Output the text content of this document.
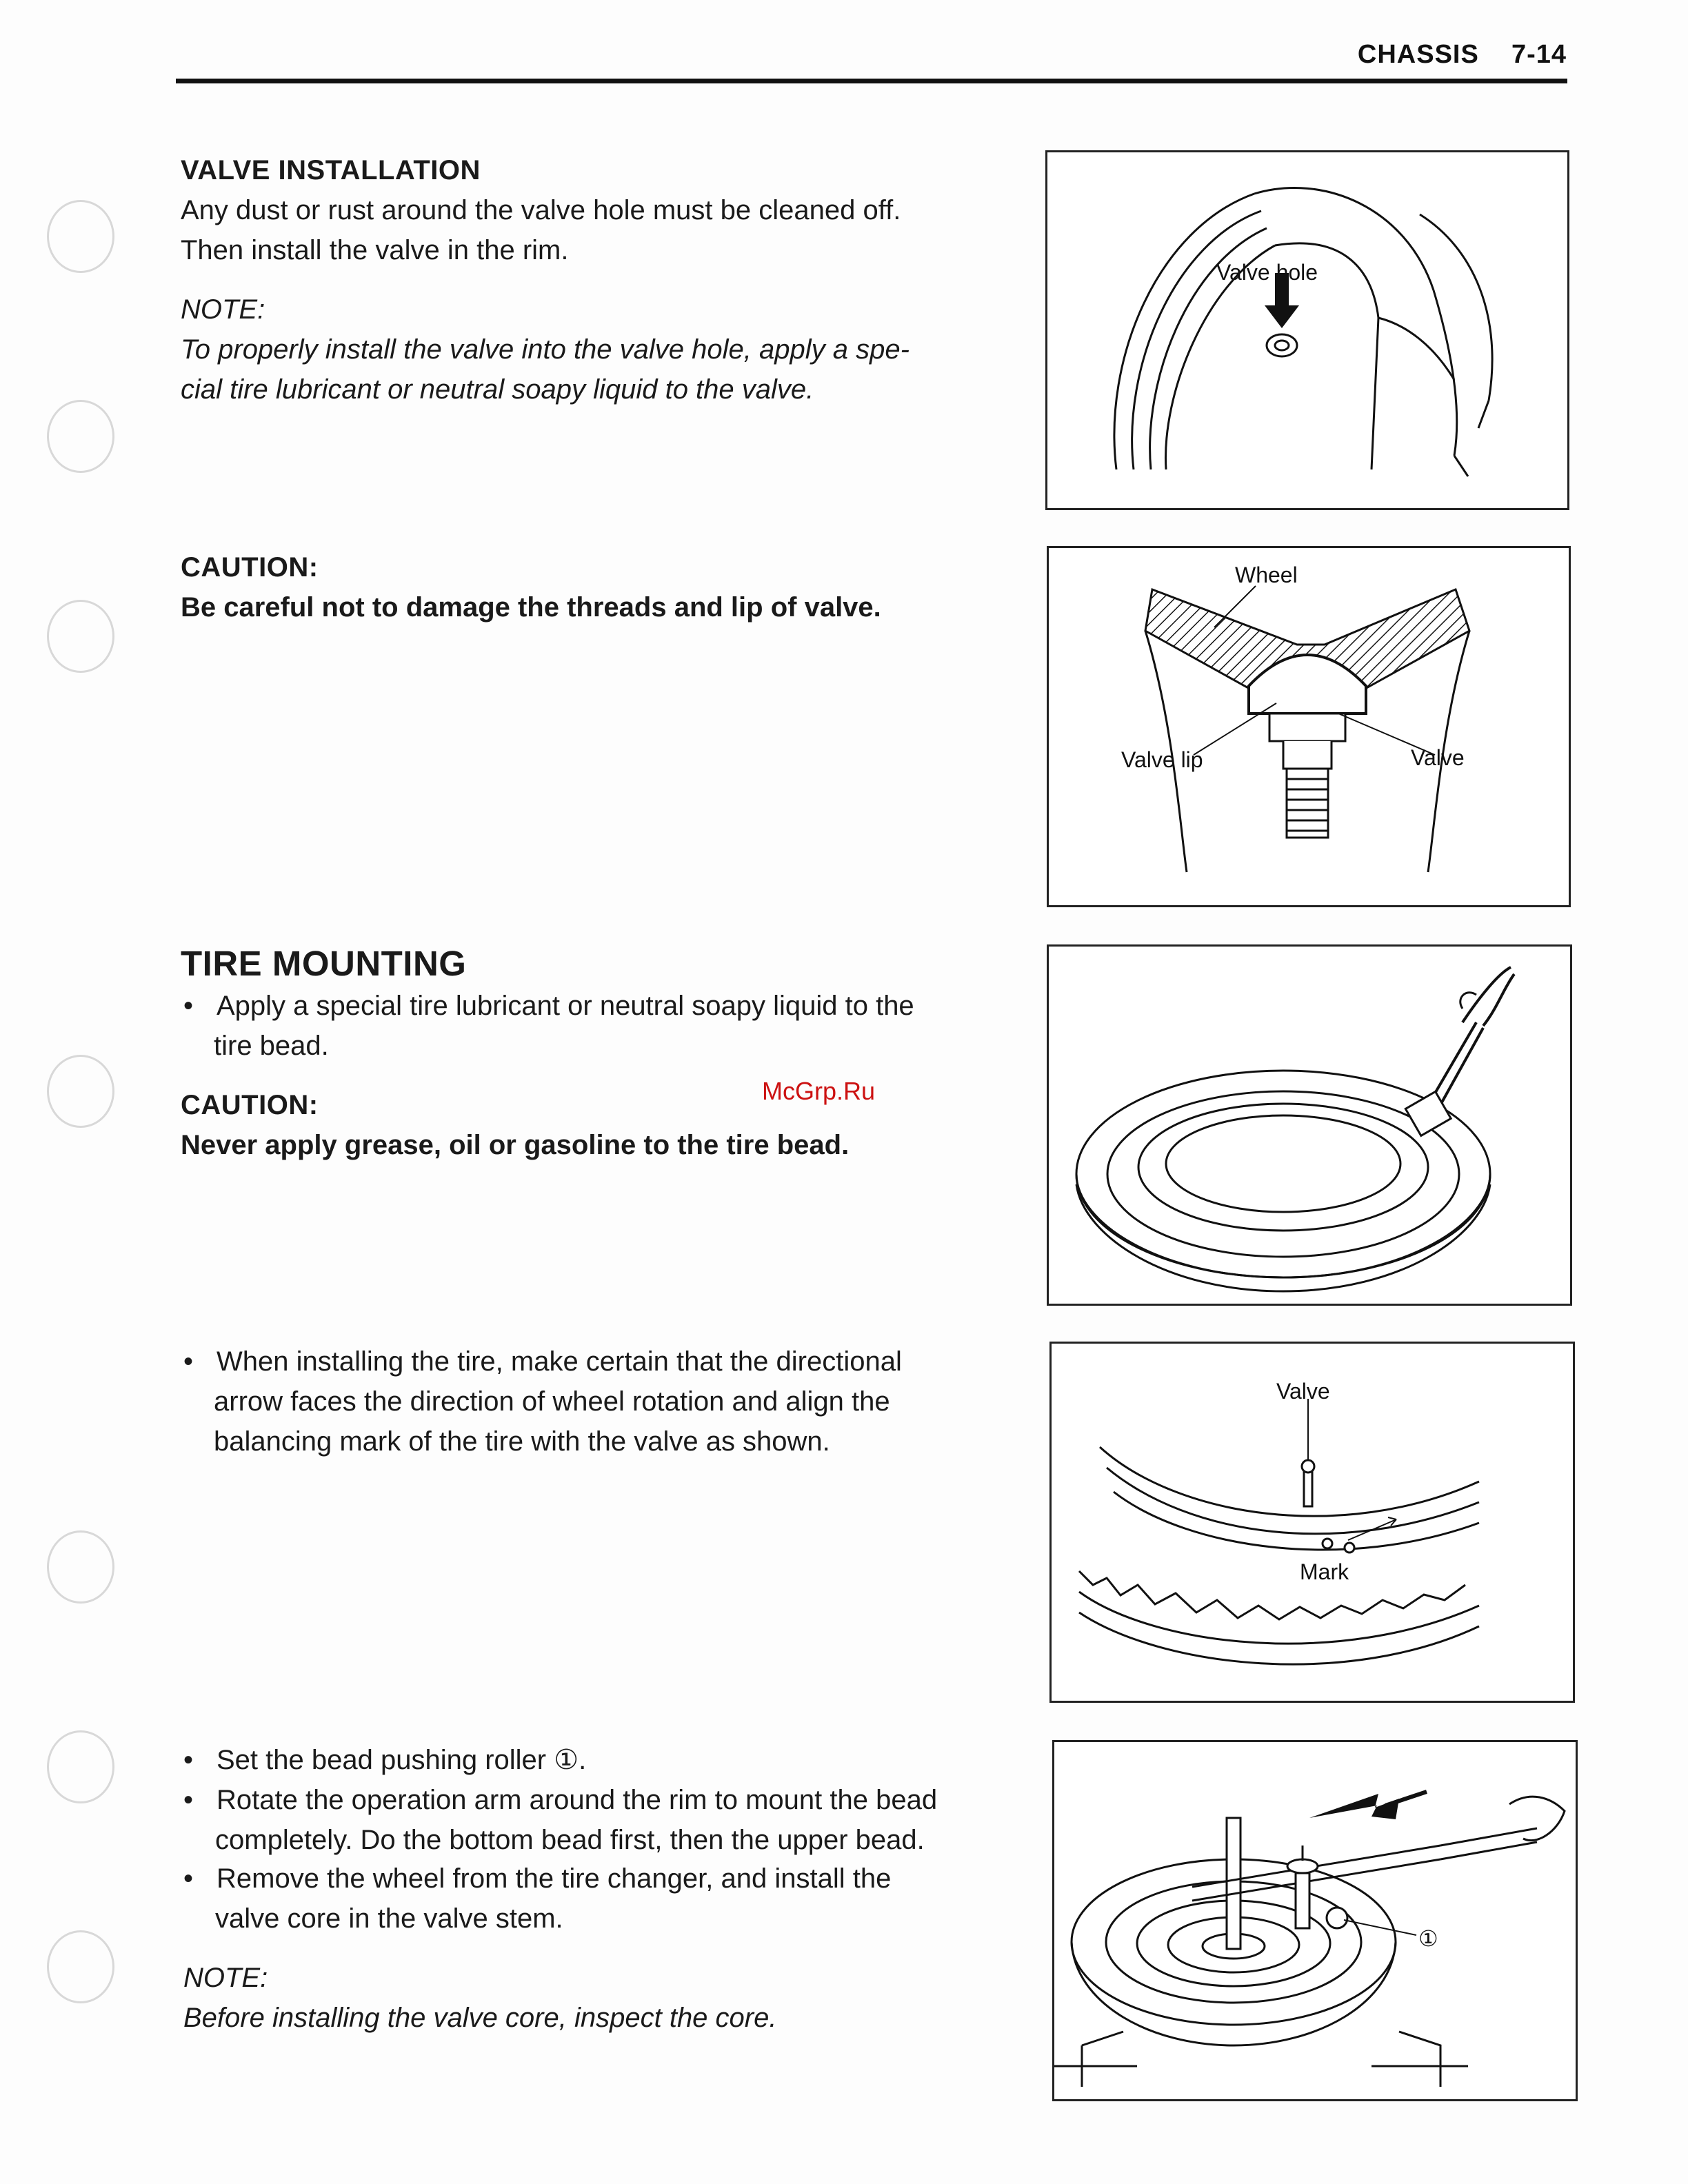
CHASSIS 7-14
VALVE INSTALLATION
Any dust or rust around the valve hole must be cleaned off.
Then install the valve in the rim.
NOTE:
To properly install the valve into the valve hole, apply a spe-
cial tire lubricant or neutral soapy liquid to the valve.
CAUTION:
Be careful not to damage the threads and lip of valve.
TIRE MOUNTING
• Apply a special tire lubricant or neutral soapy liquid to the
tire bead.
CAUTION:
Never apply grease, oil or gasoline to the tire bead.
• When installing the tire, make certain that the directional
arrow faces the direction of wheel rotation and align the
balancing mark of the tire with the valve as shown.
• Set the bead pushing roller ①.
• Rotate the operation arm around the rim to mount the bead
completely. Do the bottom bead first, then the upper bead.
• Remove the wheel from the tire changer, and install the
valve core in the valve stem.
NOTE:
Before installing the valve core, inspect the core.
McGrp.Ru
Valve hole
Wheel
Valve lip	Valve
Valve
Mark
①
